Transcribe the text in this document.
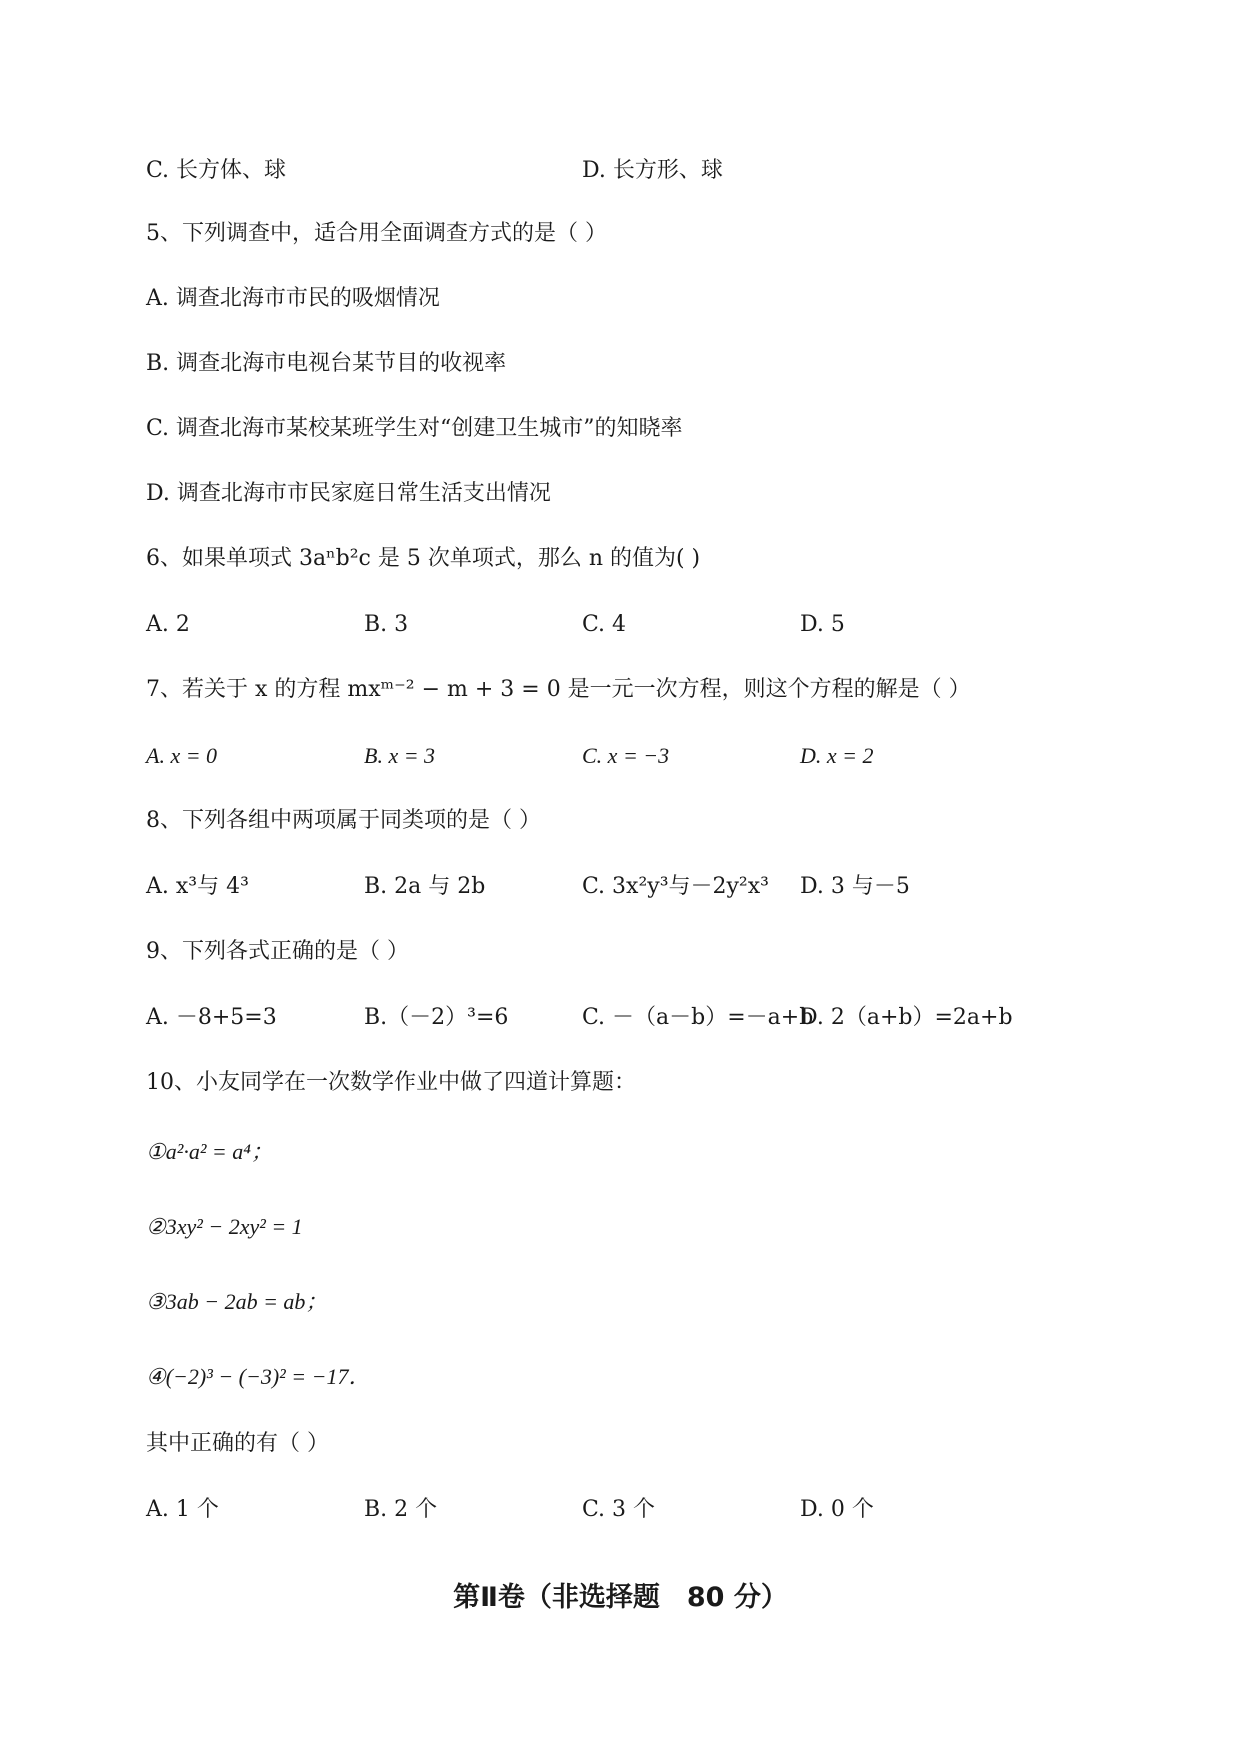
C. 长方体、球	D. 长方形、球
5、下列调查中，适合用全面调查方式的是（ ）
A. 调查北海市市民的吸烟情况
B. 调查北海市电视台某节目的收视率
C. 调查北海市某校某班学生对“创建卫生城市”的知晓率
D. 调查北海市市民家庭日常生活支出情况
6、如果单项式 3aⁿb²c 是 5 次单项式，那么 n 的值为( )
A. 2	B. 3	C. 4	D. 5
7、若关于 x 的方程 mxᵐ⁻² − m + 3 = 0 是一元一次方程，则这个方程的解是（ ）
A. x = 0	B. x = 3	C. x = −3	D. x = 2
8、下列各组中两项属于同类项的是（ ）
A. x³与 4³	B. 2a 与 2b	C. 3x²y³与－2y²x³ D. 3 与－5
9、下列各式正确的是（ ）
A. －8+5=3	B.（－2）³=6	C. －（a－b）=－a+b
D. 2（a+b）=2a+b
10、小友同学在一次数学作业中做了四道计算题：
①a²·a² = a⁴；
②3xy² − 2xy² = 1
③3ab − 2ab = ab；
④(−2)³ − (−3)² = −17．
其中正确的有（ ）
A. 1 个	B. 2 个	C. 3 个	D. 0 个
第Ⅱ卷（非选择题　80 分）
